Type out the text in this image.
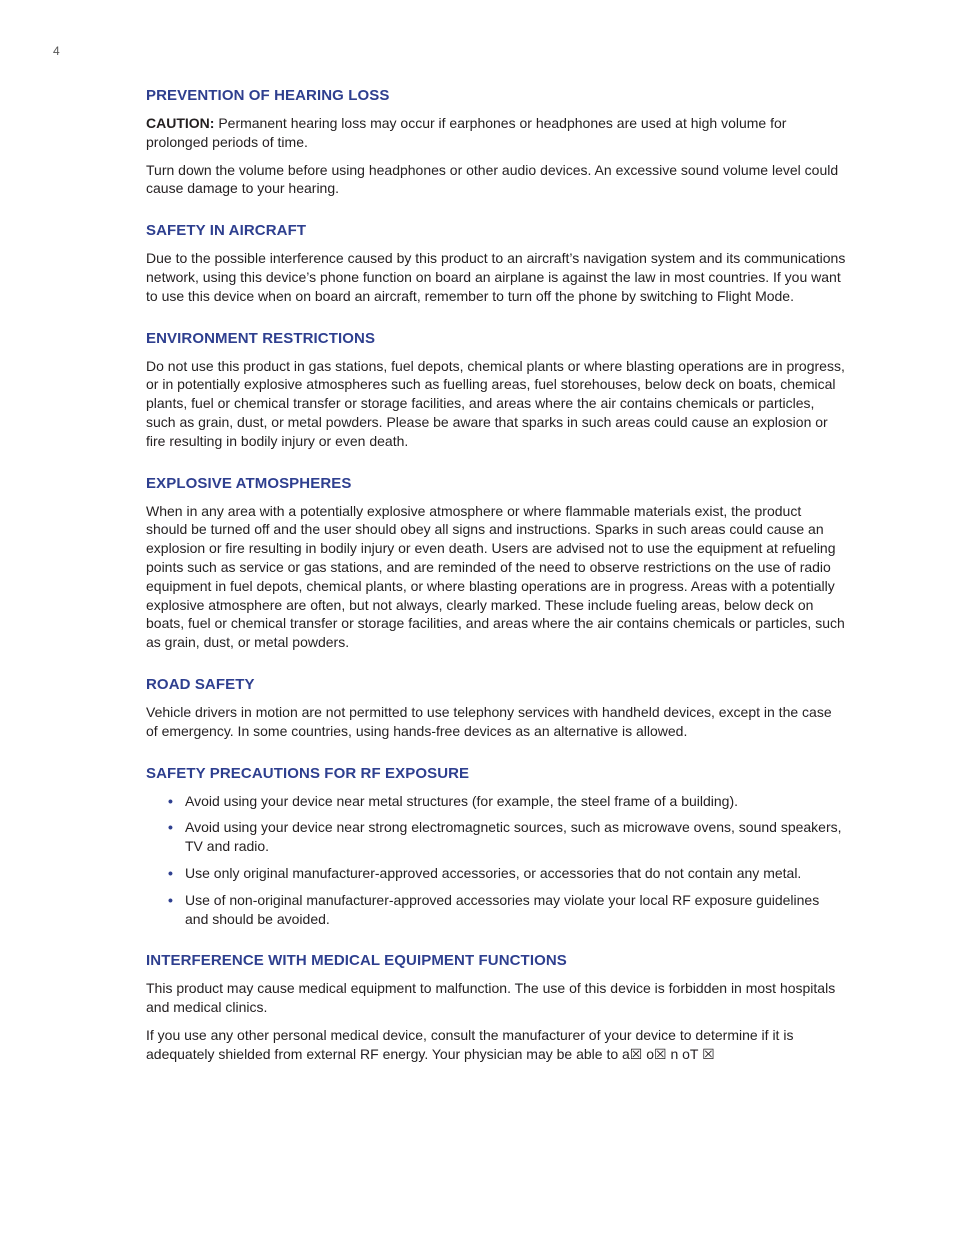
4
PREVENTION OF HEARING LOSS

CAUTION: Permanent hearing loss may occur if earphones or headphones are used at high volume for prolonged periods of time.

Turn down the volume before using headphones or other audio devices. An excessive sound volume level could cause damage to your hearing.

SAFETY IN AIRCRAFT

Due to the possible interference caused by this product to an aircraft’s navigation system and its communications network, using this device’s phone function on board an airplane is against the law in most countries. If you want to use this device when on board an aircraft, remember to turn off the phone by switching to Flight Mode.

ENVIRONMENT RESTRICTIONS

Do not use this product in gas stations, fuel depots, chemical plants or where blasting operations are in progress, or in potentially explosive atmospheres such as fuelling areas, fuel storehouses, below deck on boats, chemical plants, fuel or chemical transfer or storage facilities, and areas where the air contains chemicals or particles, such as grain, dust, or metal powders. Please be aware that sparks in such areas could cause an explosion or fire resulting in bodily injury or even death.

EXPLOSIVE ATMOSPHERES

When in any area with a potentially explosive atmosphere or where flammable materials exist, the product should be turned off and the user should obey all signs and instructions. Sparks in such areas could cause an explosion or fire resulting in bodily injury or even death. Users are advised not to use the equipment at refueling points such as service or gas stations, and are reminded of the need to observe restrictions on the use of radio equipment in fuel depots, chemical plants, or where blasting operations are in progress. Areas with a potentially explosive atmosphere are often, but not always, clearly marked. These include fueling areas, below deck on boats, fuel or chemical transfer or storage facilities, and areas where the air contains chemicals or particles, such as grain, dust, or metal powders.

ROAD SAFETY

Vehicle drivers in motion are not permitted to use telephony services with handheld devices, except in the case of emergency. In some countries, using hands-free devices as an alternative is allowed.

SAFETY PRECAUTIONS FOR RF EXPOSURE
• Avoid using your device near metal structures (for example, the steel frame of a building).
• Avoid using your device near strong electromagnetic sources, such as microwave ovens, sound speakers, TV and radio.
• Use only original manufacturer-approved accessories, or accessories that do not contain any metal.
• Use of non-original manufacturer-approved accessories may violate your local RF exposure guidelines and should be avoided.
INTERFERENCE WITH MEDICAL EQUIPMENT FUNCTIONS

This product may cause medical equipment to malfunction. The use of this device is forbidden in most hospitals and medical clinics.

If you use any other personal medical device, consult the manufacturer of your device to determine if it is adequately shielded from external RF energy. Your physician may be able to a☒ o☒ n oT ☒
